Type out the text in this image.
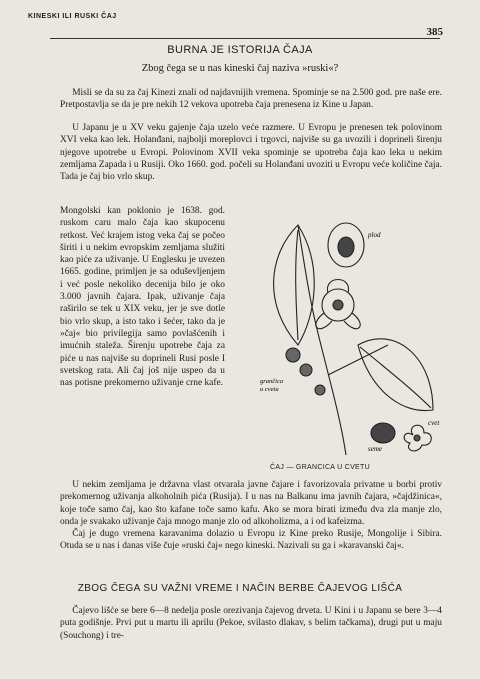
KINESKI ILI RUSKI ČAJ
385
BURNA JE ISTORIJA ČAJA
Zbog čega se u nas kineski čaj naziva »ruski«?
Misli se da su za čaj Kinezi znali od najdavnijih vremena. Spominje se na 2.500 god. pre naše ere. Pretpostavlja se da je pre nekih 12 vekova upotreba čaja prenesena iz Kine u Japan.
U Japanu je u XV veku gajenje čaja uzelo veće razmere. U Evropu je prenesen tek polovinom XVI veka kao lek. Holanđani, najbolji moreplovci i trgovci, najviše su ga uvozili i doprineli širenju njegove upotrebe u Evropi. Polovinom XVII veka spominje se upotreba čaja kao leka u nekim zemljama Zapada i u Rusiji. Oko 1660. god. počeli su Holanđani uvoziti u Evropu veće količine čaja. Tada je čaj bio vrlo skup.
Mongolski kan poklonio je 1638. god. ruskom caru malo čaja kao skupocenu retkost. Već krajem istog veka čaj se počeo širiti i u nekim evropskim zemljama služiti kao piće za uživanje. U Englesku je uvezen 1665. godine, primljen je sa oduševljenjem i već posle nekoliko decenija bilo je oko 3.000 javnih čajara. Ipak, uživanje čaja raširilo se tek u XIX veku, jer je sve dotle bio vrlo skup, a isto tako i šećer, tako da je »čaj« bio privilegija samo povlašćenih i imućnih staleža. Širenju upotrebe čaja za piće u nas najviše su doprineli Rusi posle I svetskog rata. Ali čaj još nije uspeo da u nas potisne prekomerno uživanje crne kafe.
plod
grančica
u cvetu
seme
cvet
ČAJ — GRANCICA U CVETU
U nekim zemljama je državna vlast otvarala javne čajare i favorizovala privatne u borbi protiv prekomernog uživanja alkoholnih pića (Rusija). I u nas na Balkanu ima javnih čajara, »čajdžinica«, koje toče samo čaj, kao što kafane toče samo kafu. Ako se mora birati između dva zla manje zlo, onda je svakako uživanje čaja mnogo manje zlo od alkoholizma, a i od kafeizma.
Čaj je dugo vremena karavanima dolazio u Evropu iz Kine preko Rusije, Mongolije i Sibira. Otuda se u nas i danas više čuje »ruski čaj« nego kineski. Nazivali su ga i »karavanski čaj«.
ZBOG ČEGA SU VAŽNI VREME I NAČIN BERBE ČAJEVOG LIŠĆA
Čajevo lišće se bere 6—8 nedelja posle orezivanja čajevog drveta. U Kini i u Japanu se bere 3—4 puta godišnje. Prvi put u martu ili aprilu (Pekoe, svilasto dlakav, s belim tačkama), drugi put u maju (Souchong) i tre-
